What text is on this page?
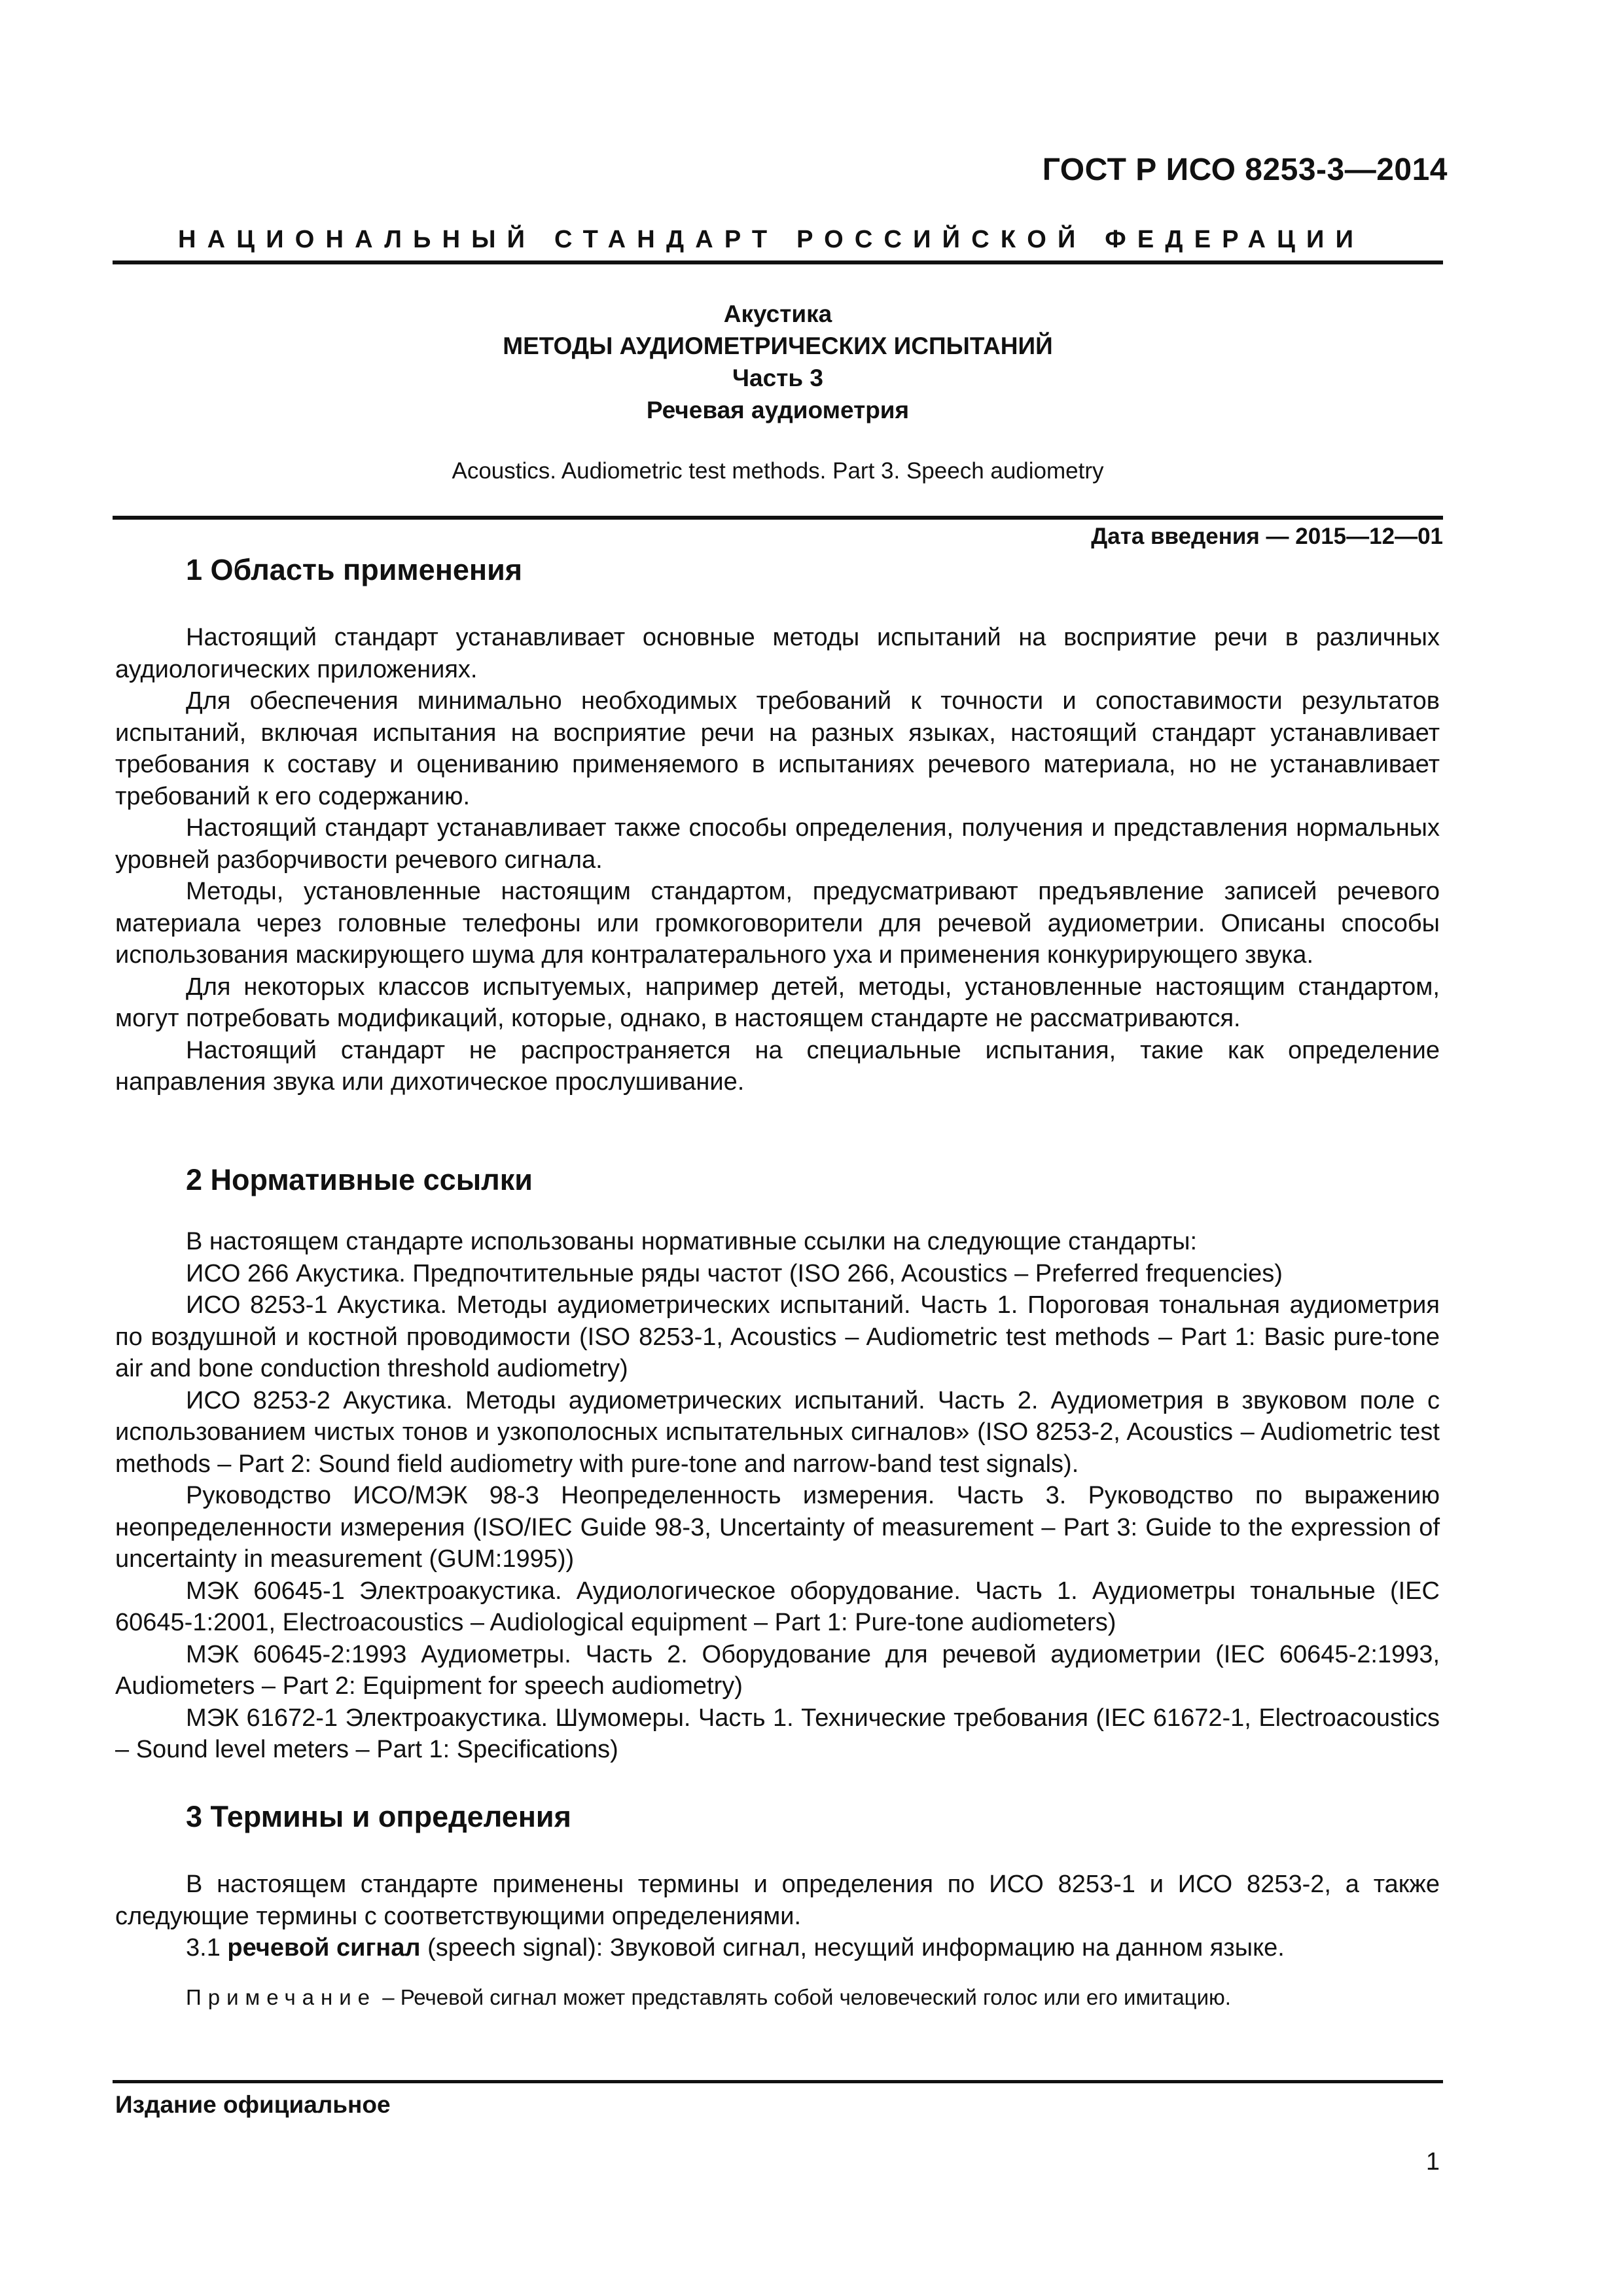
ГОСТ Р ИСО 8253-3—2014
НАЦИОНАЛЬНЫЙ СТАНДАРТ РОССИЙСКОЙ ФЕДЕРАЦИИ
Акустика
МЕТОДЫ АУДИОМЕТРИЧЕСКИХ ИСПЫТАНИЙ
Часть 3
Речевая аудиометрия
Acoustics. Audiometric test methods. Part 3. Speech audiometry
Дата введения — 2015—12—01
1 Область применения

Настоящий стандарт устанавливает основные методы испытаний на восприятие речи в различных аудиологических приложениях.

Для обеспечения минимально необходимых требований к точности и сопоставимости результатов испытаний, включая испытания на восприятие речи на разных языках, настоящий стандарт устанавливает требования к составу и оцениванию применяемого в испытаниях речевого материала, но не устанавливает требований к его содержанию.

Настоящий стандарт устанавливает также способы определения, получения и представления нормальных уровней разборчивости речевого сигнала.

Методы, установленные настоящим стандартом, предусматривают предъявление записей речевого материала через головные телефоны или громкоговорители для речевой аудиометрии. Описаны способы использования маскирующего шума для контралатерального уха и применения конкурирующего звука.

Для некоторых классов испытуемых, например детей, методы, установленные настоящим стандартом, могут потребовать модификаций, которые, однако, в настоящем стандарте не рассматриваются.

Настоящий стандарт не распространяется на специальные испытания, такие как определение направления звука или дихотическое прослушивание.

2 Нормативные ссылки

В настоящем стандарте использованы нормативные ссылки на следующие стандарты:

ИСО 266 Акустика. Предпочтительные ряды частот (ISO 266, Acoustics – Preferred frequencies)

ИСО 8253-1 Акустика. Методы аудиометрических испытаний. Часть 1. Пороговая тональная аудиометрия по воздушной и костной проводимости (ISO 8253-1, Acoustics – Audiometric test methods – Part 1: Basic pure-tone air and bone conduction threshold audiometry)

ИСО 8253-2 Акустика. Методы аудиометрических испытаний. Часть 2. Аудиометрия в звуковом поле с использованием чистых тонов и узкополосных испытательных сигналов» (ISO 8253-2, Acoustics – Audiometric test methods – Part 2: Sound field audiometry with pure-tone and narrow-band test signals).

Руководство ИСО/МЭК 98-3 Неопределенность измерения. Часть 3. Руководство по выражению неопределенности измерения (ISO/IEC Guide 98-3, Uncertainty of measurement – Part 3: Guide to the expression of uncertainty in measurement (GUM:1995))

МЭК 60645-1 Электроакустика. Аудиологическое оборудование. Часть 1. Аудиометры тональные (IEC 60645-1:2001, Electroacoustics – Audiological equipment – Part 1: Pure-tone audiometers)

МЭК 60645-2:1993 Аудиометры. Часть 2. Оборудование для речевой аудиометрии (IEC 60645-2:1993, Audiometers – Part 2: Equipment for speech audiometry)

МЭК 61672-1 Электроакустика. Шумомеры. Часть 1. Технические требования (IEC 61672-1, Electroacoustics – Sound level meters – Part 1: Specifications)

3 Термины и определения

В настоящем стандарте применены термины и определения по ИСО 8253-1 и ИСО 8253-2, а также следующие термины с соответствующими определениями.

3.1 речевой сигнал (speech signal): Звуковой сигнал, несущий информацию на данном языке.

Примечание – Речевой сигнал может представлять собой человеческий голос или его имитацию.
Издание официальное
1
